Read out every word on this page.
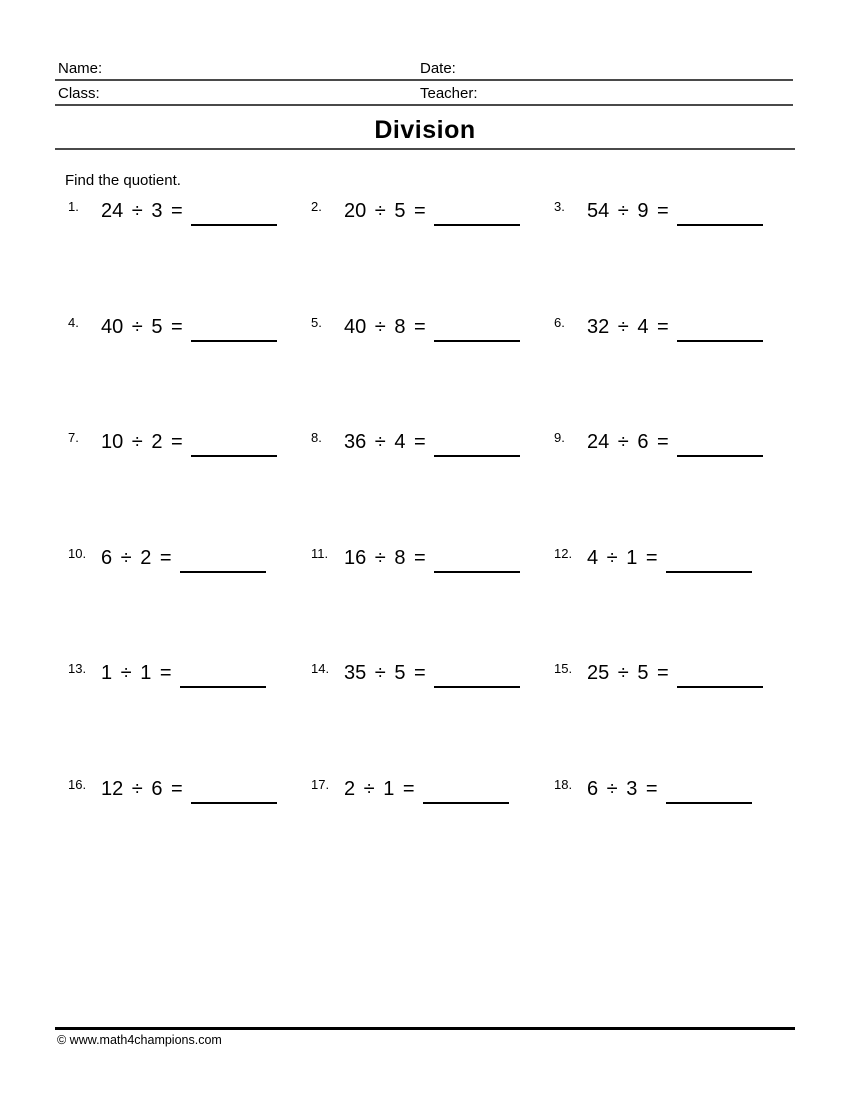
Name:	Date:
Class:	Teacher:
Division
Find the quotient.
1. 24 ÷ 3 =	2. 20 ÷ 5 =	3. 54 ÷ 9 =
4. 40 ÷ 5 =	5. 40 ÷ 8 =	6. 32 ÷ 4 =
7. 10 ÷ 2 =	8. 36 ÷ 4 =	9. 24 ÷ 6 =
10. 6 ÷ 2 =	11. 16 ÷ 8 =	12. 4 ÷ 1 =
13. 1 ÷ 1 =	14. 35 ÷ 5 =	15. 25 ÷ 5 =
16. 12 ÷ 6 =	17. 2 ÷ 1 =	18. 6 ÷ 3 =
© www.math4champions.com
